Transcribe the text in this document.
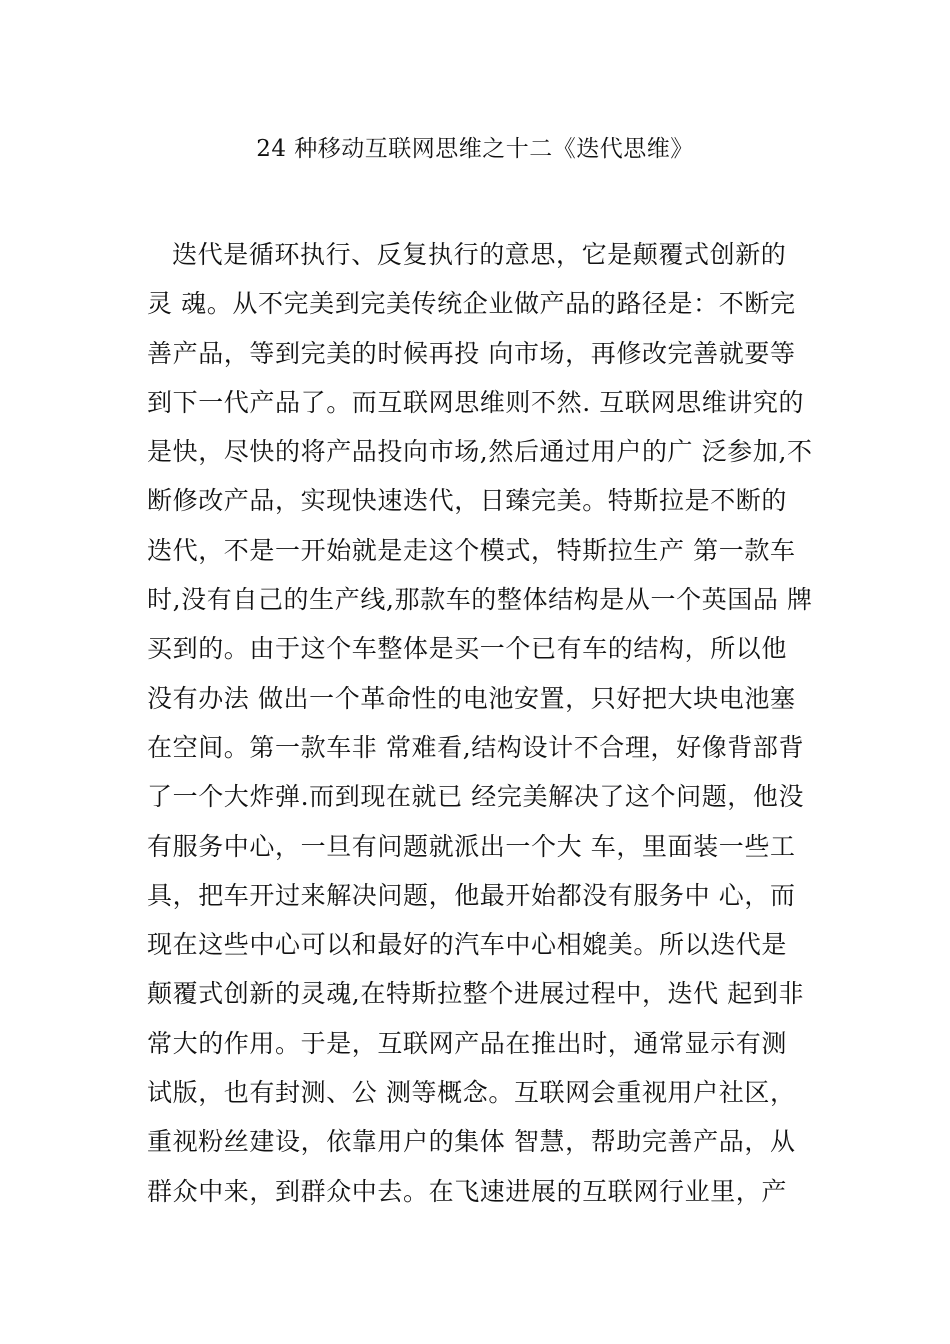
24 种移动互联网思维之十二《迭代思维》
迭代是循环执行、反复执行的意思，它是颠覆式创新的
灵 魂。从不完美到完美传统企业做产品的路径是：不断完
善产品，等到完美的时候再投 向市场，再修改完善就要等
到下一代产品了。而互联网思维则不然. 互联网思维讲究的
是快，尽快的将产品投向市场,然后通过用户的广 泛参加,不
断修改产品，实现快速迭代，日臻完美。特斯拉是不断的
迭代，不是一开始就是走这个模式，特斯拉生产 第一款车
时,没有自己的生产线,那款车的整体结构是从一个英国品 牌
买到的。由于这个车整体是买一个已有车的结构，所以他
没有办法 做出一个革命性的电池安置，只好把大块电池塞
在空间。第一款车非 常难看,结构设计不合理，好像背部背
了一个大炸弹.而到现在就已 经完美解决了这个问题，他没
有服务中心，一旦有问题就派出一个大 车，里面装一些工
具，把车开过来解决问题，他最开始都没有服务中 心，而
现在这些中心可以和最好的汽车中心相媲美。所以迭代是
颠覆式创新的灵魂,在特斯拉整个进展过程中，迭代 起到非
常大的作用。于是，互联网产品在推出时，通常显示有测
试版，也有封测、公 测等概念。互联网会重视用户社区，
重视粉丝建设，依靠用户的集体 智慧，帮助完善产品，从
群众中来，到群众中去。在飞速进展的互联网行业里，产
